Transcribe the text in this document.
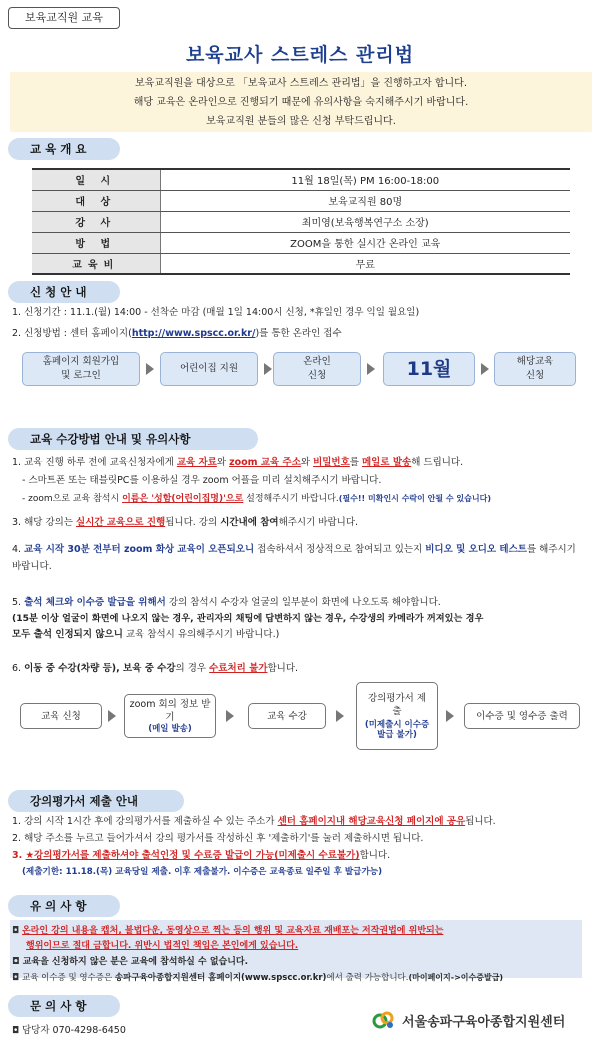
보육교직원 교육
보육교사 스트레스 관리법
보육교직원을 대상으로 「보육교사 스트레스 관리법」을 진행하고자 합니다.
해당 교육은 온라인으로 진행되기 때문에 유의사항을 숙지해주시기 바랍니다.
보육교직원 분들의 많은 신청 부탁드립니다.
교 육 개 요
일 시	11월 18일(목) PM 16:00-18:00
대 상	보육교직원 80명
강 사	최미영(보육행복연구소 소장)
방 법	ZOOM을 통한 실시간 온라인 교육
교육비	무료
신 청 안 내
1. 신청기간 : 11.1.(월) 14:00 - 선착순 마감 (매월 1일 14:00시 신청, *휴일인 경우 익일 월요일)
2. 신청방법 : 센터 홈페이지(http://www.spscc.or.kr/)를 통한 온라인 접수
홈페이지 회원가입
및 로그인
어린이집 지원
온라인
신청	11월	해당교육
신청
교육 수강방법 안내 및 유의사항
1. 교육 진행 하루 전에 교육신청자에게 교육 자료와 zoom 교육 주소와 비밀번호를 메일로 발송해 드립니다.
- 스마트폰 또는 태블릿PC를 이용하실 경우 zoom 어플을 미리 설치해주시기 바랍니다.
- zoom으로 교육 참석시 이름은 '성함(어린이집명)'으로 설정해주시기 바랍니다.(필수!! 미확인시 수락이 안될 수 있습니다)
3. 해당 강의는 실시간 교육으로 진행됩니다. 강의 시간내에 참여해주시기 바랍니다.
4. 교육 시작 30분 전부터 zoom 화상 교육이 오픈되오니 접속하셔서 정상적으로 참여되고 있는지 비디오 및 오디오 테스트를 해주시기 바랍니다.
5. 출석 체크와 이수증 발급을 위해서 강의 참석시 수강자 얼굴의 일부분이 화면에 나오도록 해야합니다.
(15분 이상 얼굴이 화면에 나오지 않는 경우, 관리자의 채팅에 답변하지 않는 경우, 수강생의 카메라가 꺼져있는 경우
모두 출석 인정되지 않으니 교육 참석시 유의해주시기 바랍니다.)
6. 이동 중 수강(차량 등), 보육 중 수강의 경우 수료처리 불가합니다.
교육 신청
zoom 회의 정보 받기
(메일 발송)
교육 수강
강의평가서 제출
(미제출시 이수증 발급 불가)
이수증 및 영수증 출력
강의평가서 제출 안내
1. 강의 시작 1시간 후에 강의평가서를 제출하실 수 있는 주소가 센터 홈페이지내 해당교육신청 페이지에 공유됩니다.
2. 해당 주소를 누르고 들어가셔서 강의 평가서를 작성하신 후 '제출하기'를 눌러 제출하시면 됩니다.
3. ★강의평가서를 제출하셔야 출석인정 및 수료증 발급이 가능(미제출시 수료불가)합니다.
(제출기한: 11.18.(목) 교육당일 제출. 이후 제출불가. 이수증은 교육종료 일주일 후 발급가능)
유 의 사 항
◘ 온라인 강의 내용을 캡처, 불법다운, 동영상으로 찍는 등의 행위 및 교육자료 재배포는 저작권법에 위반되는
행위이므로 절대 금합니다. 위반시 법적인 책임은 본인에게 있습니다.
◘ 교육을 신청하지 않은 분은 교육에 참석하실 수 없습니다.
◘ 교육 이수증 및 영수증은 송파구육아종합지원센터 홈페이지(www.spscc.or.kr)에서 출력 가능합니다.(마이페이지->이수증발급)
문 의 사 항
◘ 담당자 070-4298-6450
서울송파구육아종합지원센터
